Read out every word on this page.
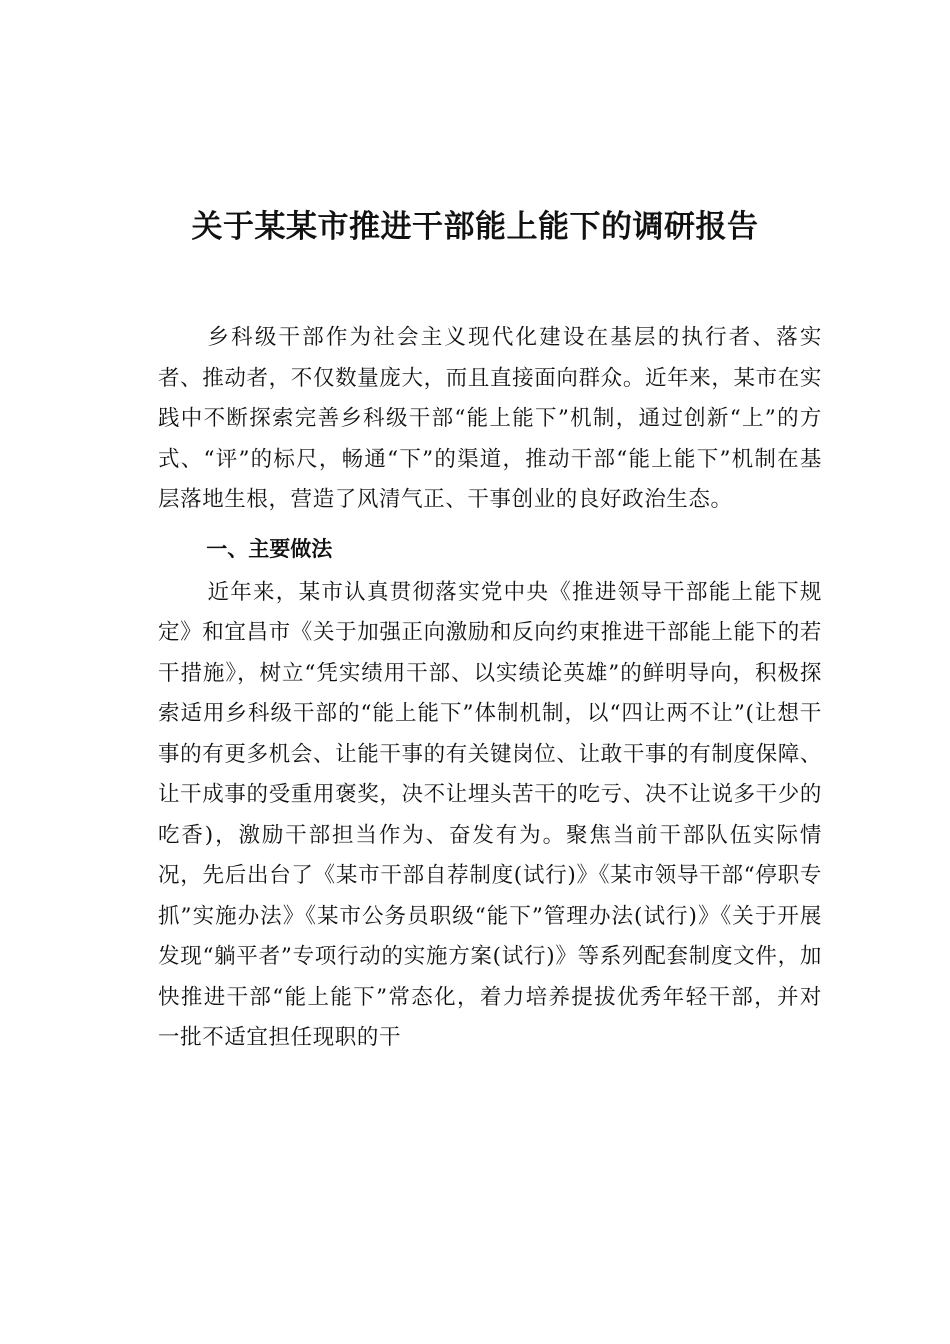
关于某某市推进干部能上能下的调研报告

乡科级干部作为社会主义现代化建设在基层的执行者、落实者、推动者，不仅数量庞大，而且直接面向群众。近年来，某市在实践中不断探索完善乡科级干部“能上能下”机制，通过创新“上”的方式、“评”的标尺，畅通“下”的渠道，推动干部“能上能下”机制在基层落地生根，营造了风清气正、干事创业的良好政治生态。

一、主要做法

近年来，某市认真贯彻落实党中央《推进领导干部能上能下规定》和宜昌市《关于加强正向激励和反向约束推进干部能上能下的若干措施》，树立“凭实绩用干部、以实绩论英雄”的鲜明导向，积极探索适用乡科级干部的“能上能下”体制机制，以“四让两不让”(让想干事的有更多机会、让能干事的有关键岗位、让敢干事的有制度保障、让干成事的受重用褒奖，决不让埋头苦干的吃亏、决不让说多干少的吃香)，激励干部担当作为、奋发有为。聚焦当前干部队伍实际情况，先后出台了《某市干部自荐制度(试行)》《某市领导干部“停职专抓”实施办法》《某市公务员职级“能下”管理办法(试行)》《关于开展发现“躺平者”专项行动的实施方案(试行)》等系列配套制度文件，加快推进干部“能上能下”常态化，着力培养提拔优秀年轻干部，并对一批不适宜担任现职的干
